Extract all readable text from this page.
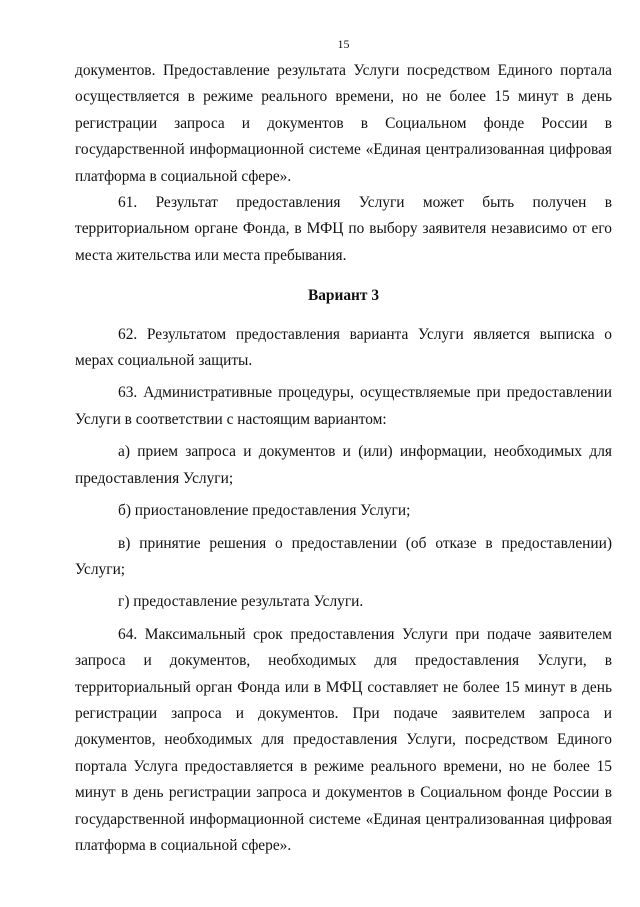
15

документов. Предоставление результата Услуги посредством Единого портала осуществляется в режиме реального времени, но не более 15 минут в день регистрации запроса и документов в Социальном фонде России в государственной информационной системе «Единая централизованная цифровая платформа в социальной сфере».

61. Результат предоставления Услуги может быть получен в территориальном органе Фонда, в МФЦ по выбору заявителя независимо от его места жительства или места пребывания.

Вариант 3

62. Результатом предоставления варианта Услуги является выписка о мерах социальной защиты.

63. Административные процедуры, осуществляемые при предоставлении Услуги в соответствии с настоящим вариантом:

а) прием запроса и документов и (или) информации, необходимых для предоставления Услуги;

б) приостановление предоставления Услуги;

в) принятие решения о предоставлении (об отказе в предоставлении) Услуги;

г) предоставление результата Услуги.

64. Максимальный срок предоставления Услуги при подаче заявителем запроса и документов, необходимых для предоставления Услуги, в территориальный орган Фонда или в МФЦ составляет не более 15 минут в день регистрации запроса и документов. При подаче заявителем запроса и документов, необходимых для предоставления Услуги, посредством Единого портала Услуга предоставляется в режиме реального времени, но не более 15 минут в день регистрации запроса и документов в Социальном фонде России в государственной информационной системе «Единая централизованная цифровая платформа в социальной сфере».
